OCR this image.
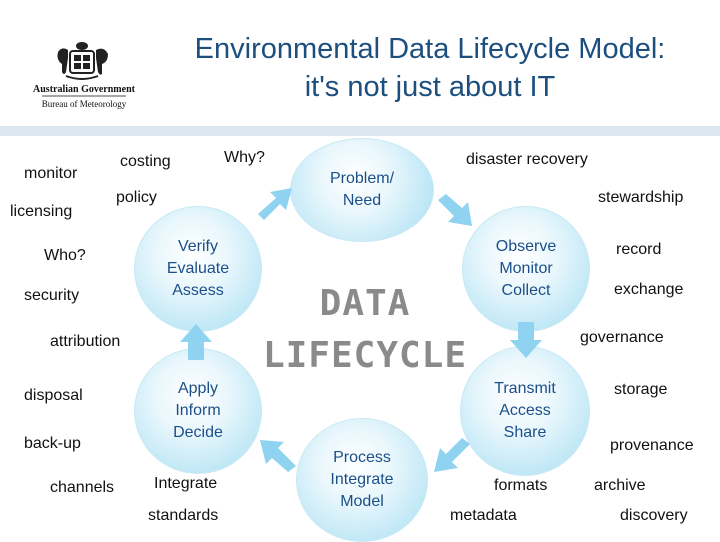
Australian Government
Bureau of Meteorology
Environmental Data Lifecycle Model:
it's not just about IT
Problem/
Need
Observe
Monitor
Collect
Transmit
Access
Share
Process
Integrate
Model
Apply
Inform
Decide
Verify
Evaluate
Assess	DATA
LIFECYCLE
monitor
costing	Why?
licensing
policy
Who?
security
attribution
disposal
back-up
channels Integrate
standards
disaster recovery
stewardship
record
exchange
governance
storage
provenance
formats	archive
metadata	discovery
